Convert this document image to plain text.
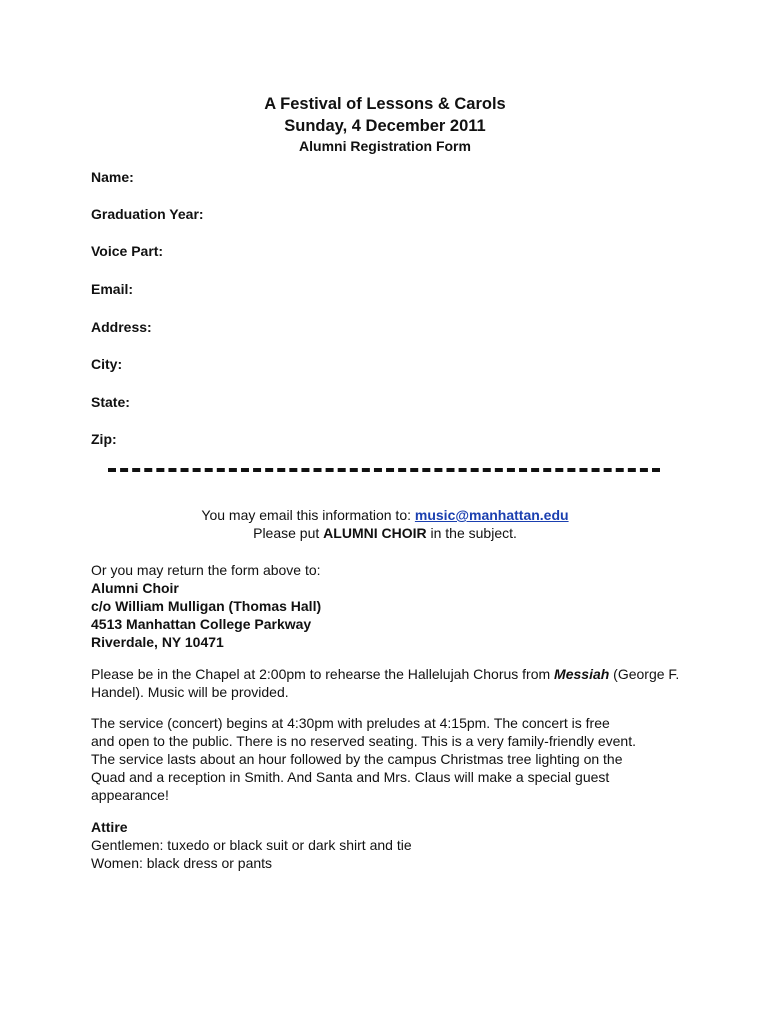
A Festival of Lessons & Carols
Sunday, 4 December 2011
Alumni Registration Form
Name:
Graduation Year:
Voice Part:
Email:
Address:
City:
State:
Zip:
You may email this information to: music@manhattan.edu
Please put ALUMNI CHOIR in the subject.
Or you may return the form above to:
Alumni Choir
c/o William Mulligan (Thomas Hall)
4513 Manhattan College Parkway
Riverdale, NY 10471

Please be in the Chapel at 2:00pm to rehearse the Hallelujah Chorus from Messiah (George F. Handel). Music will be provided.

The service (concert) begins at 4:30pm with preludes at 4:15pm. The concert is free
and open to the public. There is no reserved seating. This is a very family-friendly event.
The service lasts about an hour followed by the campus Christmas tree lighting on the
Quad and a reception in Smith. And Santa and Mrs. Claus will make a special guest
appearance!
Attire
Gentlemen: tuxedo or black suit or dark shirt and tie
Women: black dress or pants
